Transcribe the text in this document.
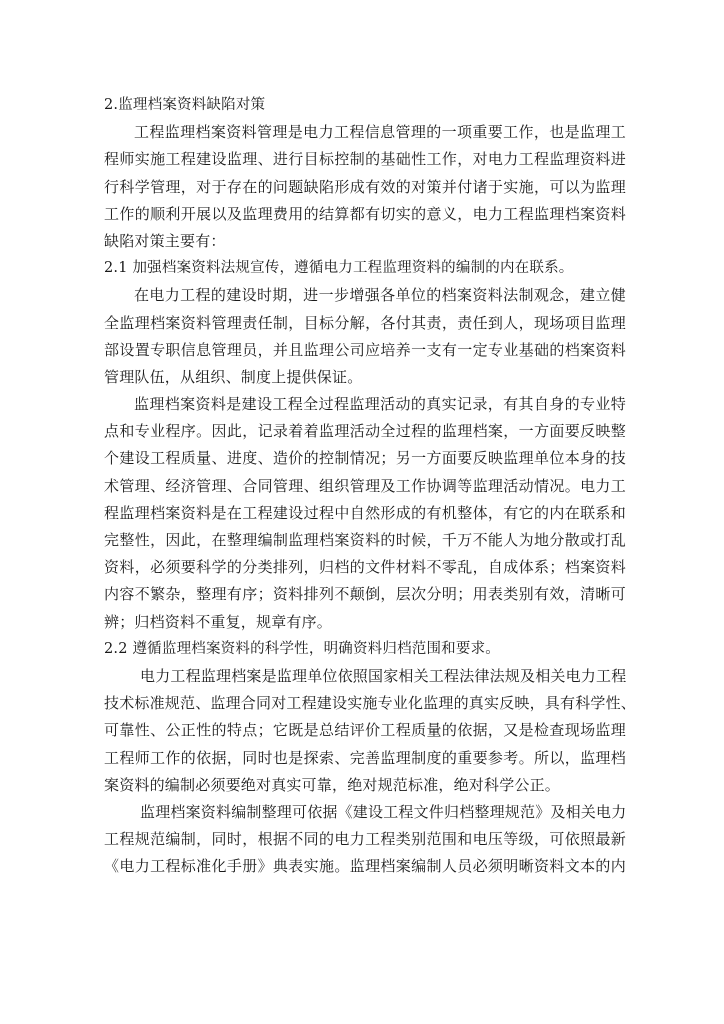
2.监理档案资料缺陷对策
工程监理档案资料管理是电力工程信息管理的一项重要工作，也是监理工
程师实施工程建设监理、进行目标控制的基础性工作，对电力工程监理资料进
行科学管理，对于存在的问题缺陷形成有效的对策并付诸于实施，可以为监理
工作的顺利开展以及监理费用的结算都有切实的意义，电力工程监理档案资料
缺陷对策主要有：
2.1 加强档案资料法规宣传，遵循电力工程监理资料的编制的内在联系。
在电力工程的建设时期，进一步增强各单位的档案资料法制观念，建立健
全监理档案资料管理责任制，目标分解，各付其责，责任到人，现场项目监理
部设置专职信息管理员，并且监理公司应培养一支有一定专业基础的档案资料
管理队伍，从组织、制度上提供保证。
监理档案资料是建设工程全过程监理活动的真实记录，有其自身的专业特
点和专业程序。因此，记录着着监理活动全过程的监理档案，一方面要反映整
个建设工程质量、进度、造价的控制情况；另一方面要反映监理单位本身的技
术管理、经济管理、合同管理、组织管理及工作协调等监理活动情况。电力工
程监理档案资料是在工程建设过程中自然形成的有机整体，有它的内在联系和
完整性，因此，在整理编制监理档案资料的时候，千万不能人为地分散或打乱
资料，必须要科学的分类排列，归档的文件材料不零乱，自成体系；档案资料
内容不繁杂，整理有序；资料排列不颠倒，层次分明；用表类别有效，清晰可
辨；归档资料不重复，规章有序。
2.2 遵循监理档案资料的科学性，明确资料归档范围和要求。
电力工程监理档案是监理单位依照国家相关工程法律法规及相关电力工程
技术标准规范、监理合同对工程建设实施专业化监理的真实反映，具有科学性、
可靠性、公正性的特点；它既是总结评价工程质量的依据，又是检查现场监理
工程师工作的依据，同时也是探索、完善监理制度的重要参考。所以，监理档
案资料的编制必须要绝对真实可靠，绝对规范标准，绝对科学公正。
监理档案资料编制整理可依据《建设工程文件归档整理规范》及相关电力
工程规范编制，同时，根据不同的电力工程类别范围和电压等级，可依照最新
《电力工程标准化手册》典表实施。监理档案编制人员必须明晰资料文本的内
